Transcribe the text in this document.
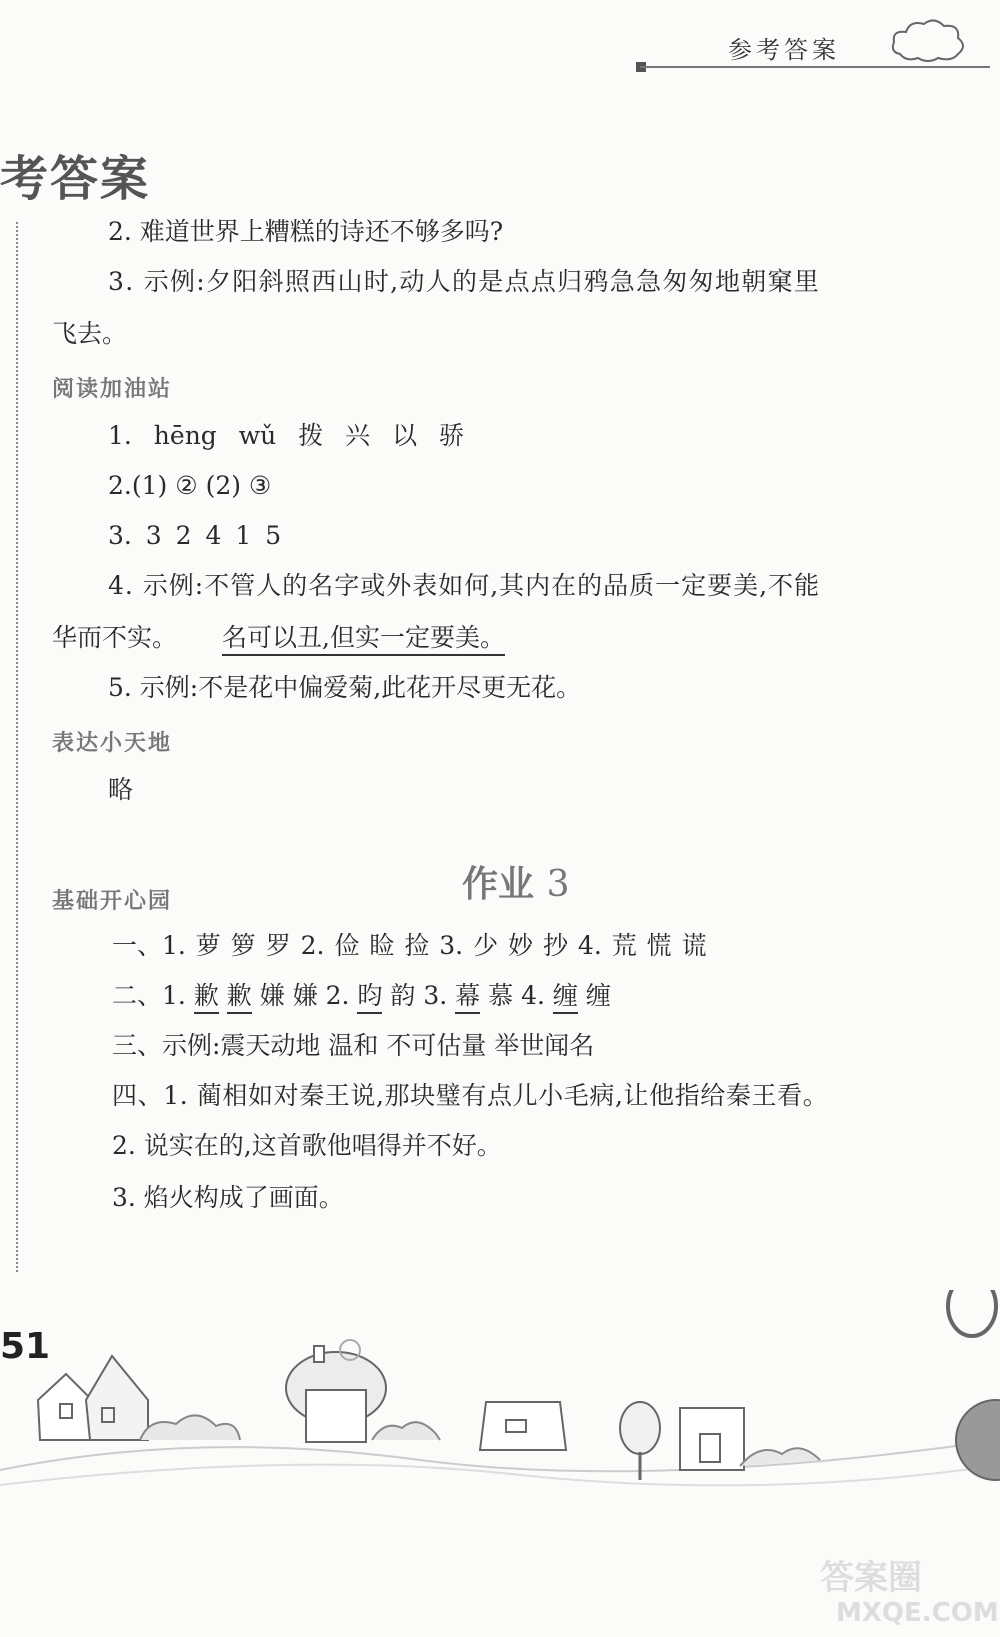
参考答案
考答案
2. 难道世界上糟糕的诗还不够多吗?
3. 示例:夕阳斜照西山时,动人的是点点归鸦急急匆匆地朝窠里
飞去。
阅读加油站
1. hēng wǔ 拨 兴 以 骄
2.(1) ② (2) ③
3. 3 2 4 1 5
4. 示例:不管人的名字或外表如何,其内在的品质一定要美,不能
华而不实。 名可以丑,但实一定要美。
5. 示例:不是花中偏爱菊,此花开尽更无花。
表达小天地
略
作业 3
基础开心园
一、1. 萝 箩 罗 2. 俭 睑 捡 3. 少 妙 抄 4. 荒 慌 谎
二、1. 歉 歉 嫌 嫌 2. 昀 韵 3. 幕 慕 4. 缠 缠
三、示例:震天动地 温和 不可估量 举世闻名
四、1. 蔺相如对秦王说,那块璧有点儿小毛病,让他指给秦王看。
2. 说实在的,这首歌他唱得并不好。
3. 焰火构成了画面。
51
答案圈
MXQE.COM
